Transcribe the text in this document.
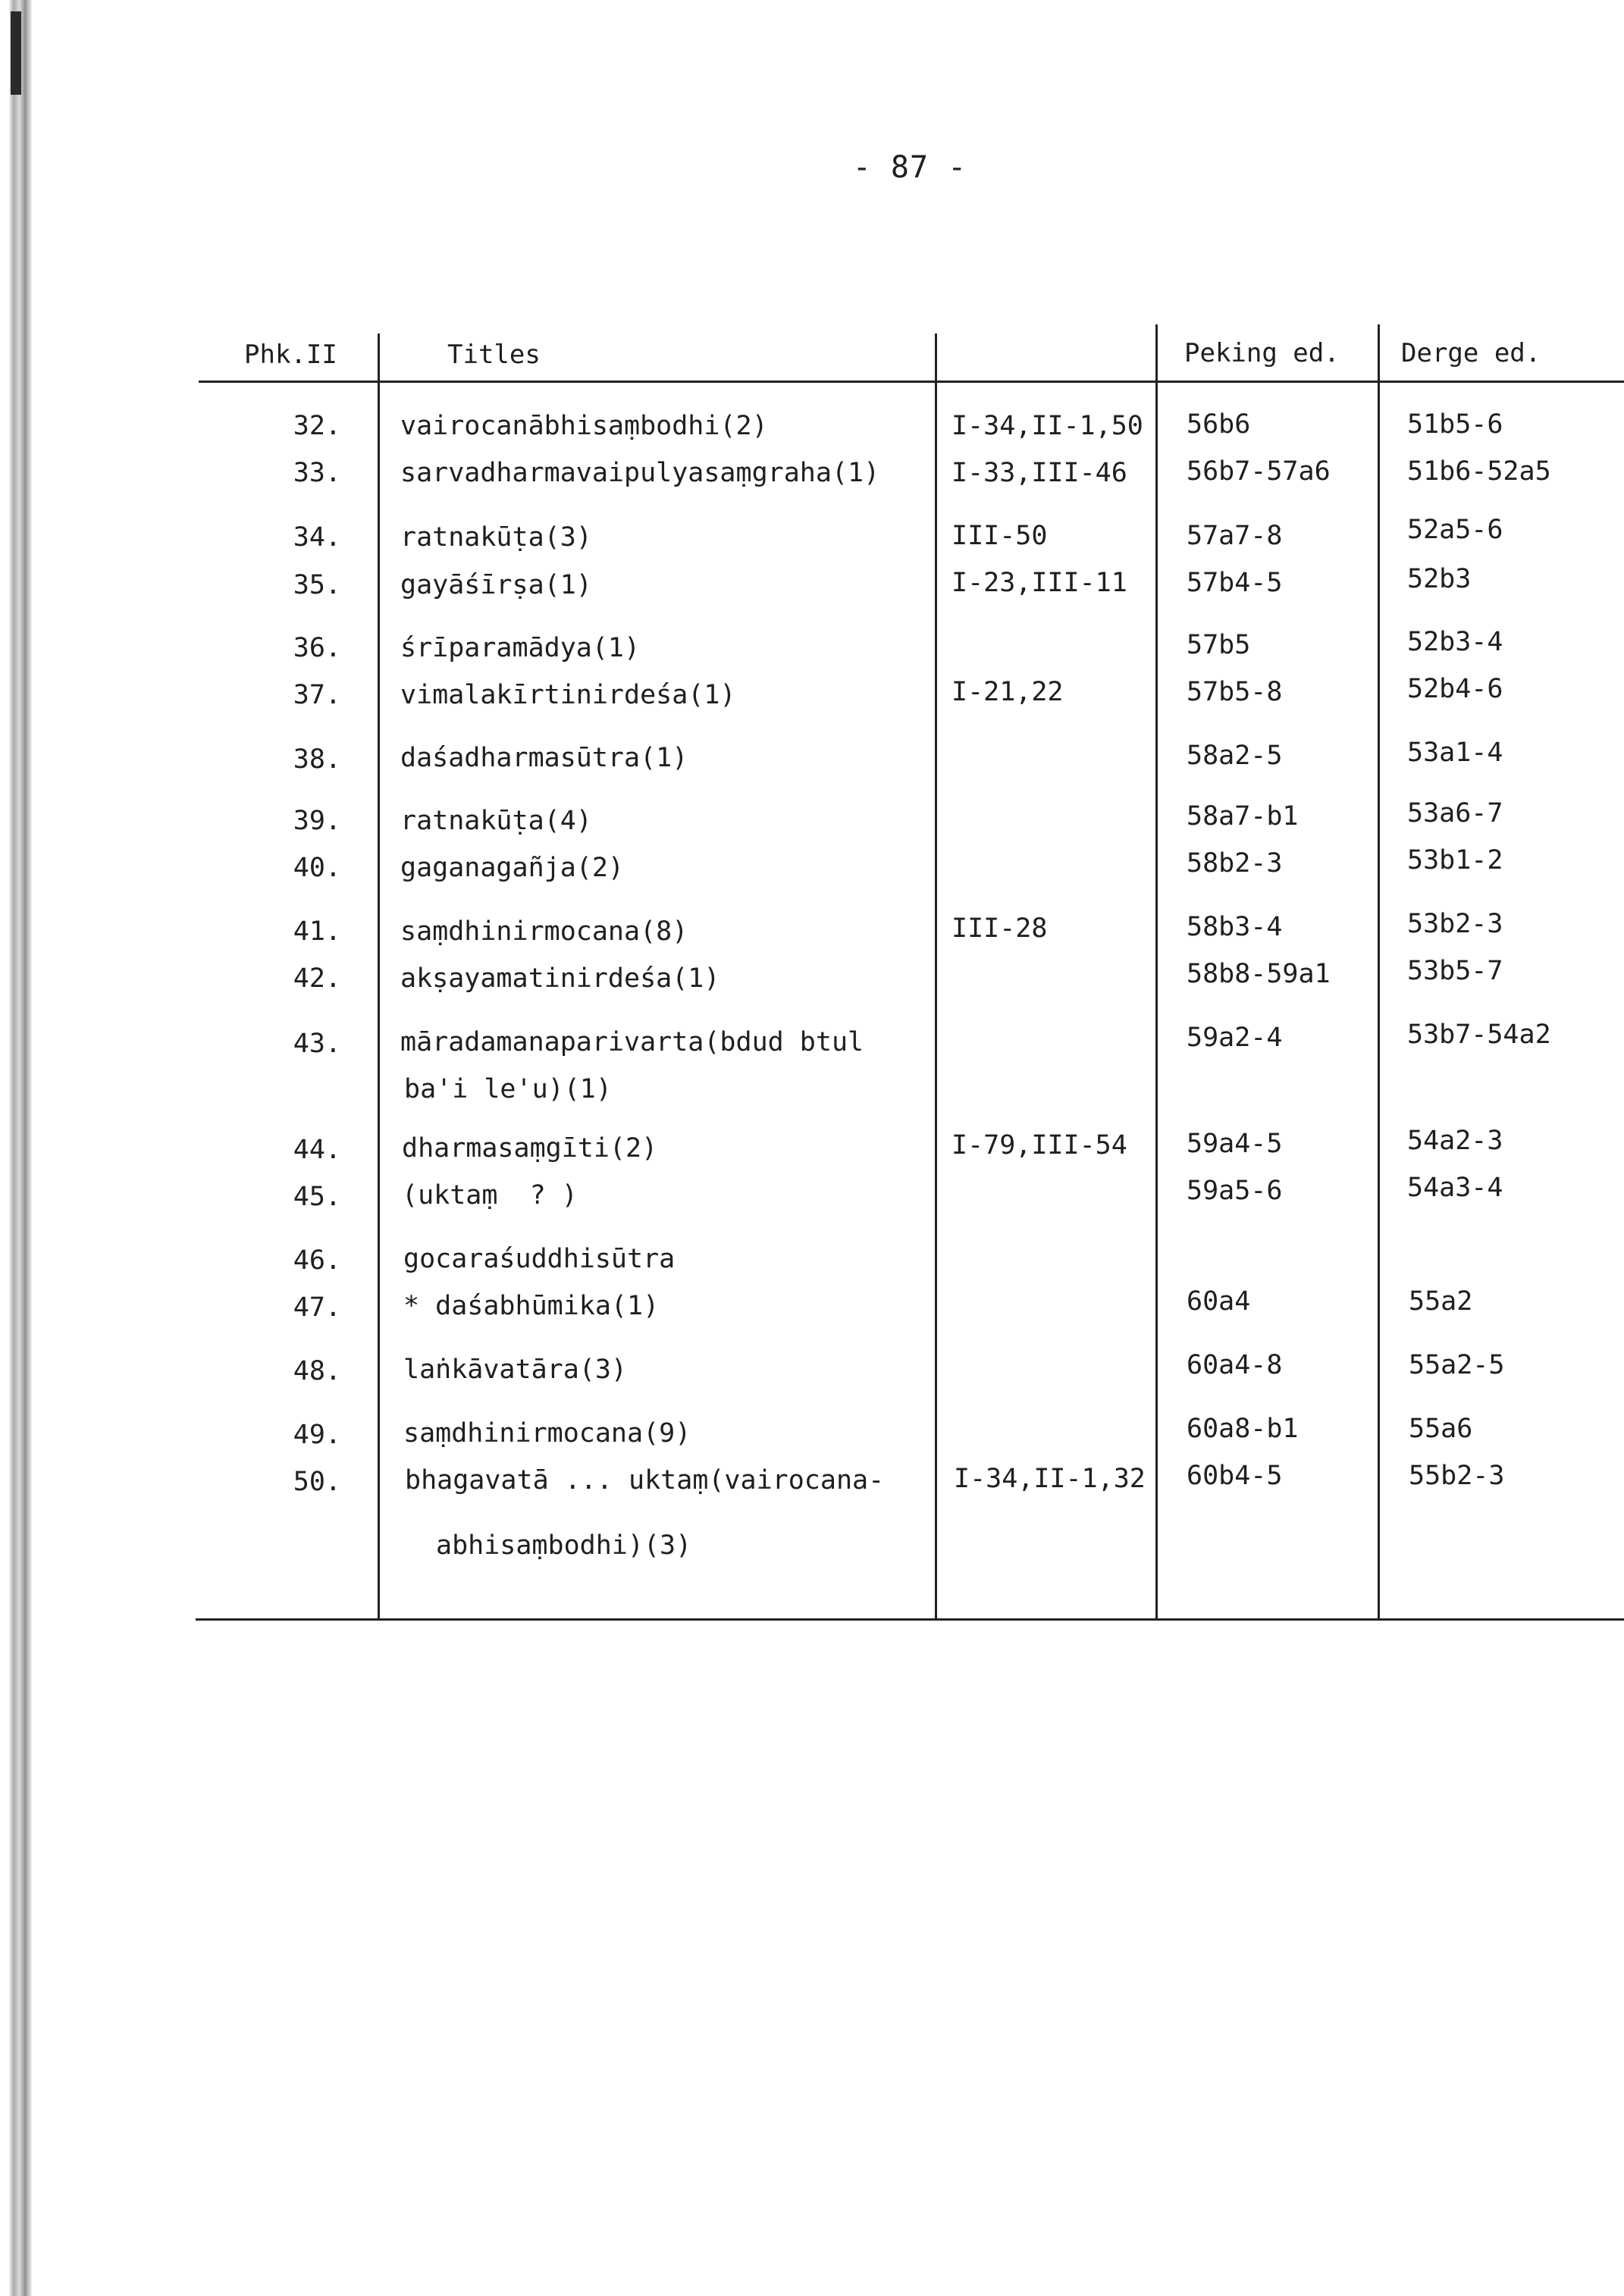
- 87 -
Phk.II	Titles	Peking ed. Derge ed.
32. vairocanābhisaṃbodhi(2)	I-34,II-1,50 56b6	51b5-6
33. sarvadharmavaipulyasaṃgraha(1)	I-33,III-46 56b7-57a6	51b6-52a5
34. ratnakūṭa(3)	III-50	57a7-8	52a5-6
35. gayāśīrṣa(1)	I-23,III-11 57b4-5	52b3
36. śrīparamādya(1)	57b5	52b3-4
37. vimalakīrtinirdeśa(1)	I-21,22	57b5-8	52b4-6
38. daśadharmasūtra(1)	58a2-5	53a1-4
39. ratnakūṭa(4)	58a7-b1	53a6-7
40. gaganagañja(2)	58b2-3	53b1-2
41. saṃdhinirmocana(8)	III-28	58b3-4	53b2-3
42. akṣayamatinirdeśa(1)	58b8-59a1	53b5-7
43. māradamanaparivarta(bdud btul
ba'i le'u)(1)
59a2-4	53b7-54a2
44. dharmasaṃgīti(2)	I-79,III-54 59a4-5	54a2-3
45. (uktaṃ  ? )	59a5-6	54a3-4
46. gocaraśuddhisūtra
47. * daśabhūmika(1)	60a4	55a2
48. laṅkāvatāra(3)	60a4-8	55a2-5
49. saṃdhinirmocana(9)	60a8-b1	55a6
50. bhagavatā ... uktaṃ(vairocana-
abhisaṃbodhi)(3)
I-34,II-1,32 60b4-5	55b2-3
